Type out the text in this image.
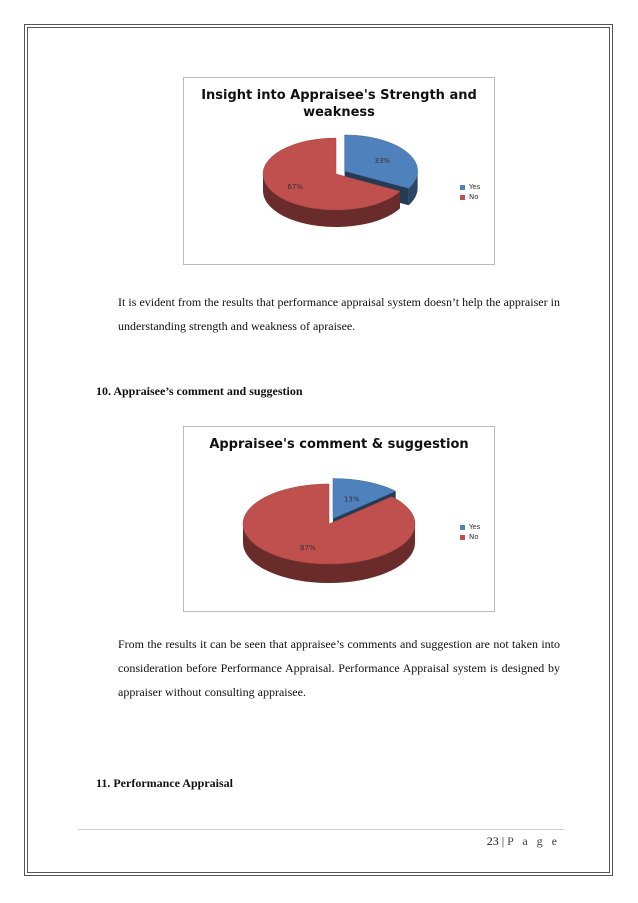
Insight into Appraisee's Strength and
weakness
33%
67%	Yes
No

It is evident from the results that performance appraisal system doesn’t help the appraiser in understanding strength and weakness of apraisee.

10. Appraisee’s comment and suggestion

Appraisee's comment & suggestion
13%
87%
Yes
No

From the results it can be seen that appraisee’s comments and suggestion are not taken into consideration before Performance Appraisal. Performance Appraisal system is designed by appraiser without consulting appraisee.

11. Performance Appraisal

23 | P a g e
